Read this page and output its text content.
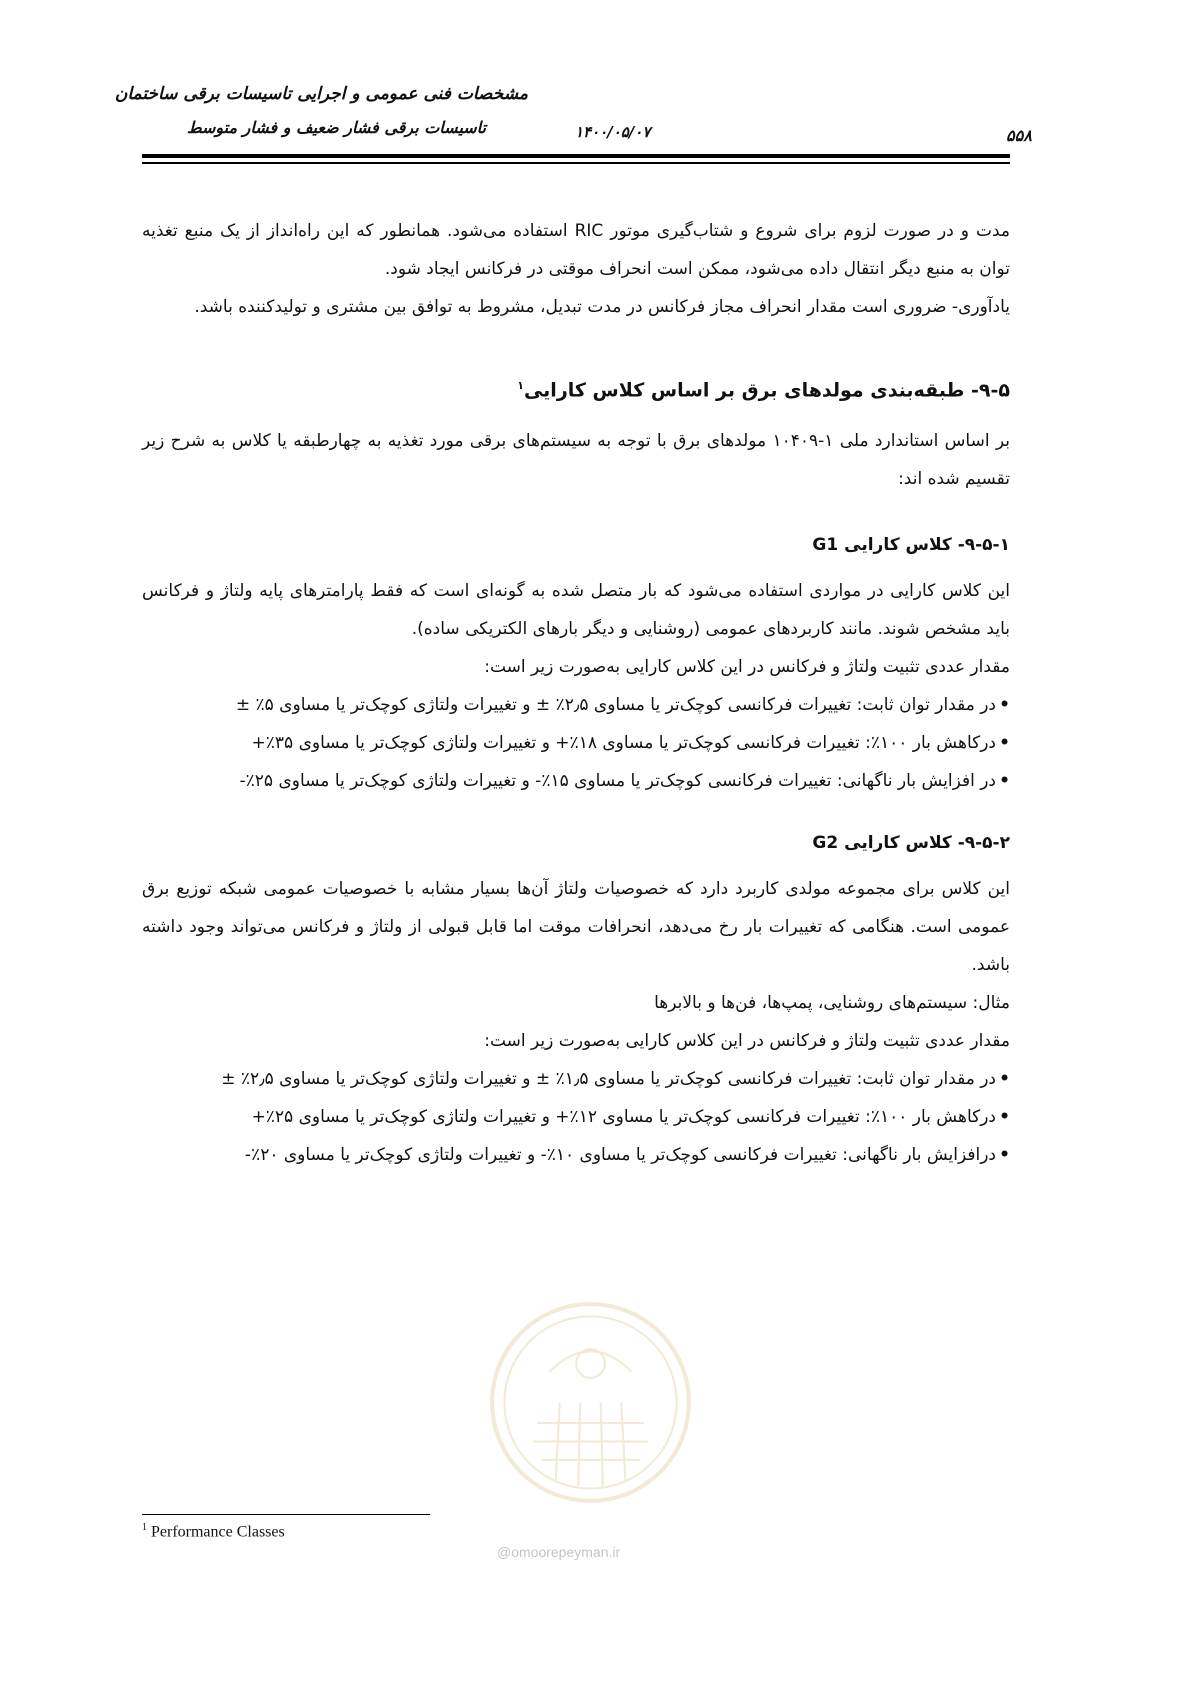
مشخصات فنی عمومی و اجرایی تاسیسات برقی ساختمان
تاسیسات برقی فشار ضعیف و فشار متوسط	۱۴۰۰/۰۵/۰۷	۵۵۸

مدت و در صورت لزوم برای شروع و شتاب‌گیری موتور RIC استفاده می‌شود. همانطور که این راه‌انداز از یک منبع تغذیه توان به منبع دیگر انتقال داده می‌شود، ممکن است انحراف موقتی در فرکانس ایجاد شود.

یادآوری- ضروری است مقدار انحراف مجاز فرکانس در مدت تبدیل، مشروط به توافق بین مشتری و تولیدکننده باشد.

۹-۵- طبقه‌بندی مولدهای برق بر اساس کلاس کارایی$^۱$

بر اساس استاندارد ملی ۱-۱۰۴۰۹ مولدهای برق با توجه به سیستم‌های برقی مورد تغذیه به چهارطبقه یا کلاس به شرح زیر تقسیم شده اند:

۹-۵-۱- کلاس کارایی G1

این کلاس کارایی در مواردی استفاده می‌شود که بار متصل شده به گونه‌ای است که فقط پارامترهای پایه ولتاژ و فرکانس باید مشخص شوند. مانند کاربردهای عمومی (روشنایی و دیگر بارهای الکتریکی ساده).

مقدار عددی تثبیت ولتاژ و فرکانس در این کلاس کارایی به‌صورت زیر است:

•در مقدار توان ثابت: تغییرات فرکانسی کوچک‌تر یا مساوی ۲٫۵٪ ± و تغییرات ولتاژی کوچک‌تر یا مساوی ۵٪ ±
•درکاهش بار ۱۰۰٪: تغییرات فرکانسی کوچک‌تر یا مساوی ۱۸٪+ و تغییرات ولتاژی کوچک‌تر یا مساوی ۳۵٪+
•در افزایش بار ناگهانی: تغییرات فرکانسی کوچک‌تر یا مساوی ۱۵٪- و تغییرات ولتاژی کوچک‌تر یا مساوی ۲۵٪-

۹-۵-۲- کلاس کارایی G2

این کلاس برای مجموعه مولدی کاربرد دارد که خصوصیات ولتاژ آن‌ها بسیار مشابه با خصوصیات عمومی شبکه توزیع برق عمومی است. هنگامی که تغییرات بار رخ می‌دهد، انحرافات موقت اما قابل قبولی از ولتاژ و فرکانس می‌تواند وجود داشته باشد.

مثال: سیستم‌های روشنایی، پمپ‌ها، فن‌ها و بالابرها

مقدار عددی تثبیت ولتاژ و فرکانس در این کلاس کارایی به‌صورت زیر است:

•در مقدار توان ثابت: تغییرات فرکانسی کوچک‌تر یا مساوی ۱٫۵٪ ± و تغییرات ولتاژی کوچک‌تر یا مساوی ۲٫۵٪ ±
•درکاهش بار ۱۰۰٪: تغییرات فرکانسی کوچک‌تر یا مساوی ۱۲٪+ و تغییرات ولتاژی کوچک‌تر یا مساوی ۲۵٪+
•درافزایش بار ناگهانی: تغییرات فرکانسی کوچک‌تر یا مساوی ۱۰٪- و تغییرات ولتاژی کوچک‌تر یا مساوی ۲۰٪-
@omoorepeyman.ir
$^1$ Performance Classes
